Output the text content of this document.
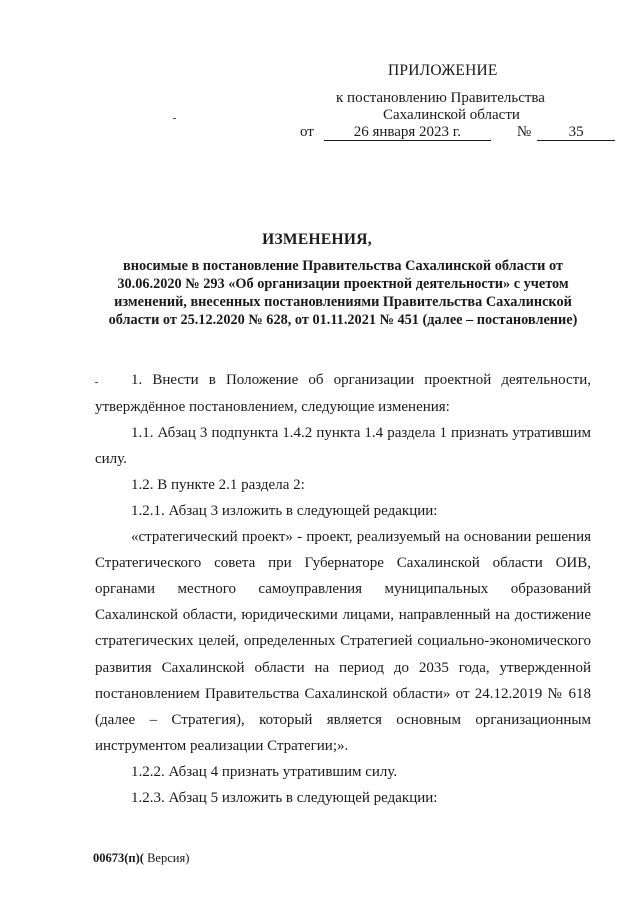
ПРИЛОЖЕНИЕ
к постановлению Правительства
Сахалинской области
от	26 января 2023 г.	№	35
ИЗМЕНЕНИЯ,
вносимые в постановление Правительства Сахалинской области от
30.06.2020 № 293 «Об организации проектной деятельности» с учетом
изменений, внесенных постановлениями Правительства Сахалинской
области от 25.12.2020 № 628, от 01.11.2021 № 451 (далее – постановление)
1. Внести в Положение об организации проектной деятельности,
утверждённое постановлением, следующие изменения:
1.1. Абзац 3 подпункта 1.4.2 пункта 1.4 раздела 1 признать утратившим
силу.
1.2. В пункте 2.1 раздела 2:
1.2.1. Абзац 3 изложить в следующей редакции:
«стратегический проект» - проект, реализуемый на основании решения
Стратегического совета при Губернаторе Сахалинской области ОИВ,
органами местного самоуправления муниципальных образований
Сахалинской области, юридическими лицами, направленный на достижение
стратегических целей, определенных Стратегией социально-экономического
развития Сахалинской области на период до 2035 года, утвержденной
постановлением Правительства Сахалинской области» от 24.12.2019 № 618
(далее – Стратегия), который является основным организационным
инструментом реализации Стратегии;».
1.2.2. Абзац 4 признать утратившим силу.
1.2.3. Абзац 5 изложить в следующей редакции:
00673(п)( Версия)
